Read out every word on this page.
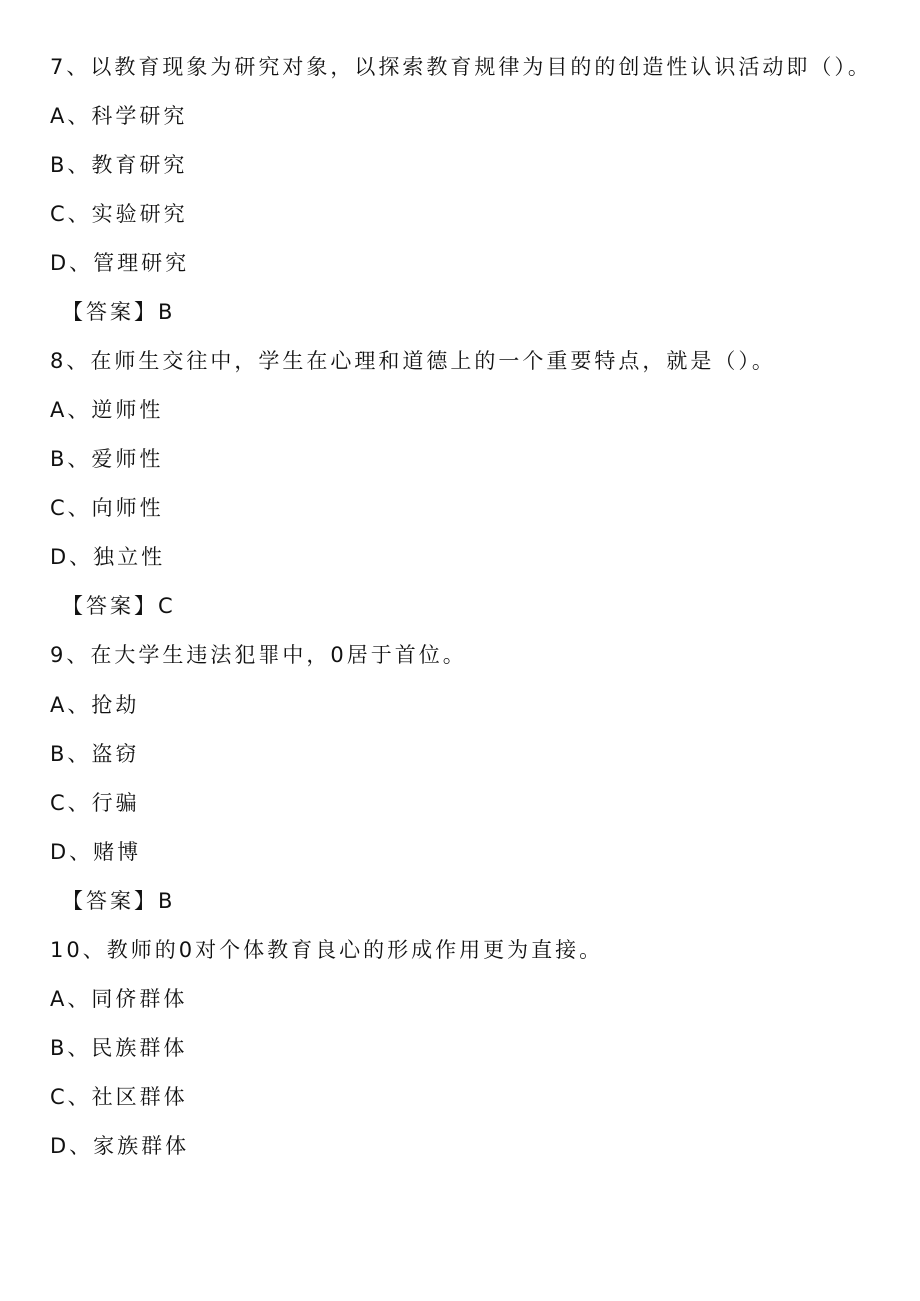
7、以教育现象为研究对象，以探索教育规律为目的的创造性认识活动即（）。
A、科学研究
B、教育研究
C、实验研究
D、管理研究
【答案】B
8、在师生交往中，学生在心理和道德上的一个重要特点，就是（）。
A、逆师性
B、爱师性
C、向师性
D、独立性
【答案】C
9、在大学生违法犯罪中，0居于首位。
A、抢劫
B、盗窃
C、行骗
D、赌博
【答案】B
10、教师的0对个体教育良心的形成作用更为直接。
A、同侪群体
B、民族群体
C、社区群体
D、家族群体
